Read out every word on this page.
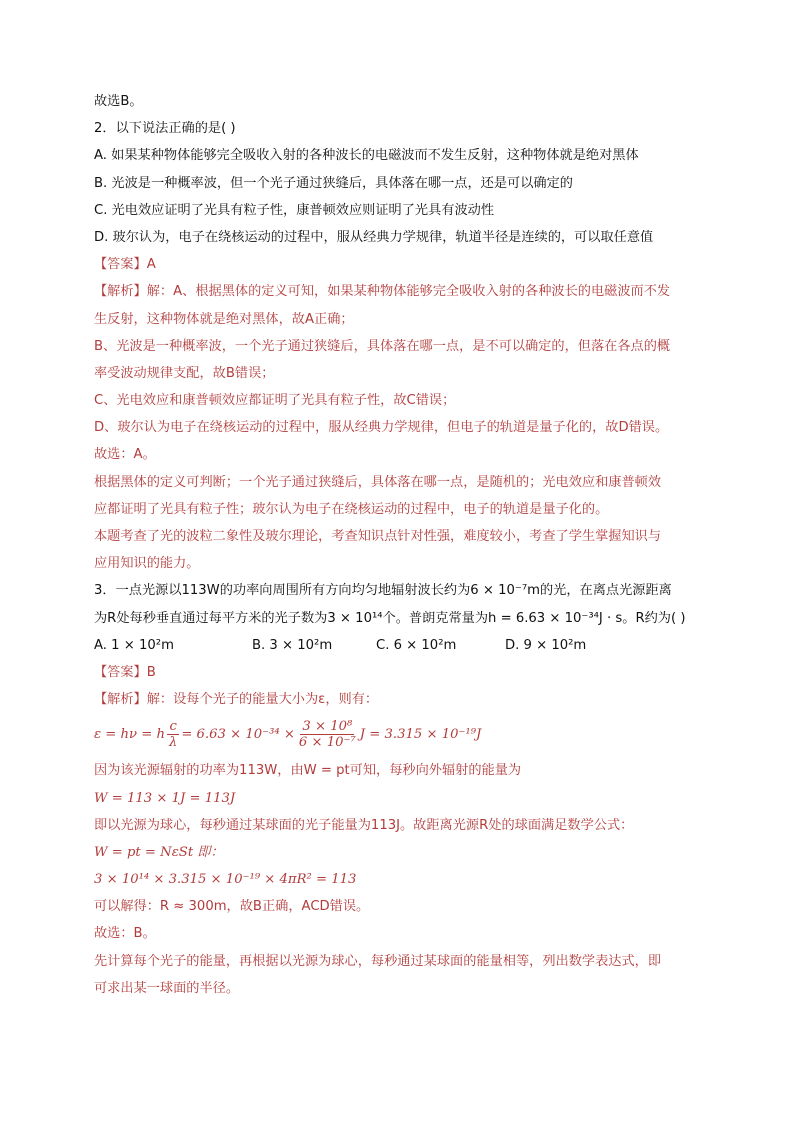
故选B。
2．以下说法正确的是( )
A. 如果某种物体能够完全吸收入射的各种波长的电磁波而不发生反射，这种物体就是绝对黑体
B. 光波是一种概率波，但一个光子通过狭缝后，具体落在哪一点，还是可以确定的
C. 光电效应证明了光具有粒子性，康普顿效应则证明了光具有波动性
D. 玻尔认为，电子在绕核运动的过程中，服从经典力学规律，轨道半径是连续的，可以取任意值
【答案】A
【解析】解：A、根据黑体的定义可知，如果某种物体能够完全吸收入射的各种波长的电磁波而不发
生反射，这种物体就是绝对黑体，故A正确；
B、光波是一种概率波，一个光子通过狭缝后，具体落在哪一点，是不可以确定的，但落在各点的概
率受波动规律支配，故B错误；
C、光电效应和康普顿效应都证明了光具有粒子性，故C错误；
D、玻尔认为电子在绕核运动的过程中，服从经典力学规律，但电子的轨道是量子化的，故D错误。
故选：A。
根据黑体的定义可判断；一个光子通过狭缝后，具体落在哪一点，是随机的；光电效应和康普顿效
应都证明了光具有粒子性；玻尔认为电子在绕核运动的过程中，电子的轨道是量子化的。
本题考查了光的波粒二象性及玻尔理论，考查知识点针对性强，难度较小，考查了学生掌握知识与
应用知识的能力。
3．一点光源以113W的功率向周围所有方向均匀地辐射波长约为6 × 10⁻⁷m的光，在离点光源距离
为R处每秒垂直通过每平方米的光子数为3 × 10¹⁴个。普朗克常量为h = 6.63 × 10⁻³⁴J · s。R约为( )
A. 1 × 10²m	B. 3 × 10²m	C. 6 × 10²m	D. 9 × 10²m
【答案】B
【解析】解：设每个光子的能量大小为ε，则有：
ε = hν = h $\frac{c}{\lambda} = 6.63 \times 10^{-34} \times \frac{\text{3 × 10⁸}}{\text{6 × 10⁻⁷}}$ J = 3.315 × 10⁻¹⁹J
因为该光源辐射的功率为113W，由W = pt可知，每秒向外辐射的能量为
W = 113 × 1J = 113J
即以光源为球心，每秒通过某球面的光子能量为113J。故距离光源R处的球面满足数学公式：
W = pt = NεSt 即：
3 × 10¹⁴ × 3.315 × 10⁻¹⁹ × 4πR² = 113
可以解得：R ≈ 300m，故B正确，ACD错误。
故选：B。
先计算每个光子的能量，再根据以光源为球心，每秒通过某球面的能量相等，列出数学表达式，即
可求出某一球面的半径。
